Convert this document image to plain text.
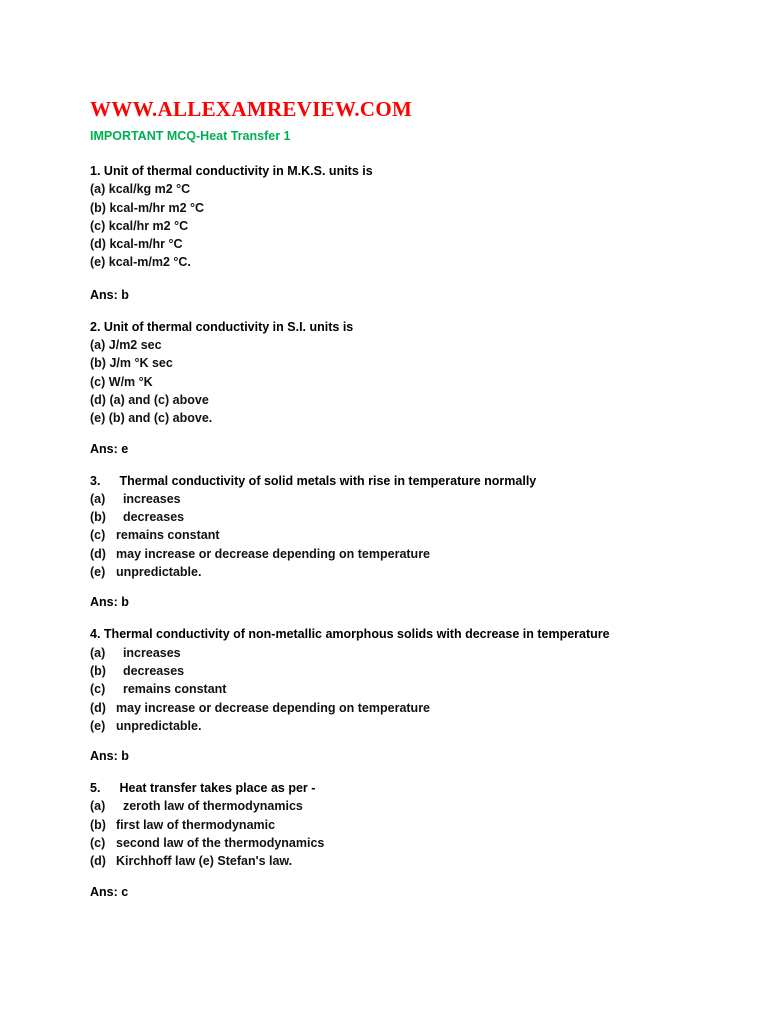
WWW.ALLEXAMREVIEW.COM
IMPORTANT MCQ-Heat Transfer 1
1. Unit of thermal conductivity in M.K.S. units is
(a) kcal/kg m2 °C
(b) kcal-m/hr m2 °C
(c) kcal/hr m2 °C
(d) kcal-m/hr °C
(e) kcal-m/m2 °C.
Ans: b
2. Unit of thermal conductivity in S.I. units is
(a) J/m2 sec
(b) J/m °K sec
(c) W/m °K
(d) (a) and (c) above
(e) (b) and (c) above.
Ans: e
3. Thermal conductivity of solid metals with rise in temperature normally
(a) increases
(b) decreases
(c) remains constant
(d) may increase or decrease depending on temperature
(e) unpredictable.
Ans: b
4. Thermal conductivity of non-metallic amorphous solids with decrease in temperature
(a) increases
(b) decreases
(c) remains constant
(d) may increase or decrease depending on temperature
(e) unpredictable.
Ans: b
5. Heat transfer takes place as per -
(a) zeroth law of thermodynamics
(b) first law of thermodynamic
(c) second law of the thermodynamics
(d) Kirchhoff law (e) Stefan's law.
Ans: c
